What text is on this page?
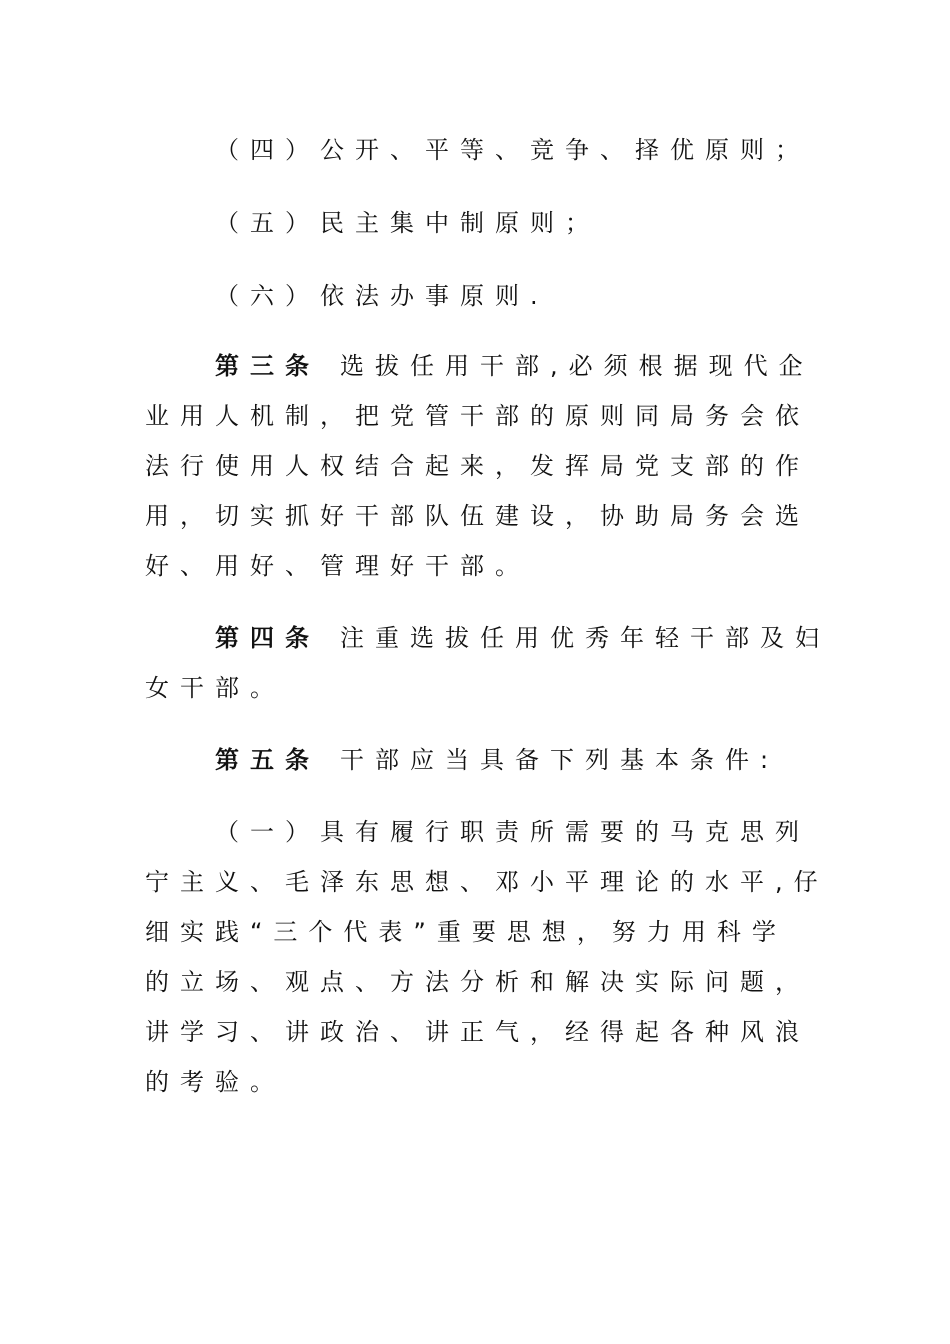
（四）公开、平等、竞争、择优原则；
（五）民主集中制原则；
（六）依法办事原则.
第三条 选拔任用干部,必须根据现代企
业用人机制，把党管干部的原则同局务会依
法行使用人权结合起来，发挥局党支部的作
用，切实抓好干部队伍建设，协助局务会选
好、用好、管理好干部。
第四条 注重选拔任用优秀年轻干部及妇
女干部。
第五条 干部应当具备下列基本条件:
（一）具有履行职责所需要的马克思列
宁主义、毛泽东思想、邓小平理论的水平,仔
细实践“三个代表”重要思想，努力用科学
的立场、观点、方法分析和解决实际问题，
讲学习、讲政治、讲正气，经得起各种风浪
的考验。
